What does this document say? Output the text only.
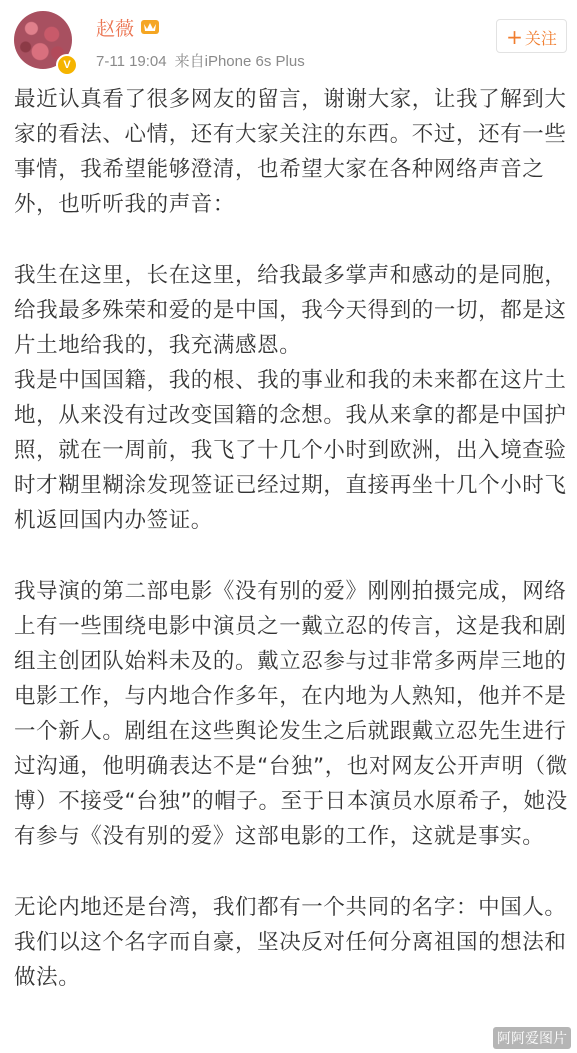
V
赵薇
7-11 19:04 来自iPhone 6s Plus
+ 关注

最近认真看了很多网友的留言，谢谢大家，让我了解到大家的看法、心情，还有大家关注的东西。不过，还有一些事情，我希望能够澄清，也希望大家在各种网络声音之外，也听听我的声音：

我生在这里，长在这里，给我最多掌声和感动的是同胞，给我最多殊荣和爱的是中国，我今天得到的一切，都是这片土地给我的，我充满感恩。

我是中国国籍，我的根、我的事业和我的未来都在这片土地，从来没有过改变国籍的念想。我从来拿的都是中国护照，就在一周前，我飞了十几个小时到欧洲，出入境查验时才糊里糊涂发现签证已经过期，直接再坐十几个小时飞机返回国内办签证。

我导演的第二部电影《没有别的爱》刚刚拍摄完成，网络上有一些围绕电影中演员之一戴立忍的传言，这是我和剧组主创团队始料未及的。戴立忍参与过非常多两岸三地的电影工作，与内地合作多年，在内地为人熟知，他并不是一个新人。剧组在这些舆论发生之后就跟戴立忍先生进行过沟通，他明确表达不是“台独”，也对网友公开声明（微博）不接受“台独”的帽子。至于日本演员水原希子，她没有参与《没有别的爱》这部电影的工作，这就是事实。

无论内地还是台湾，我们都有一个共同的名字：中国人。我们以这个名字而自豪，坚决反对任何分离祖国的想法和做法。

阿阿爱图片
